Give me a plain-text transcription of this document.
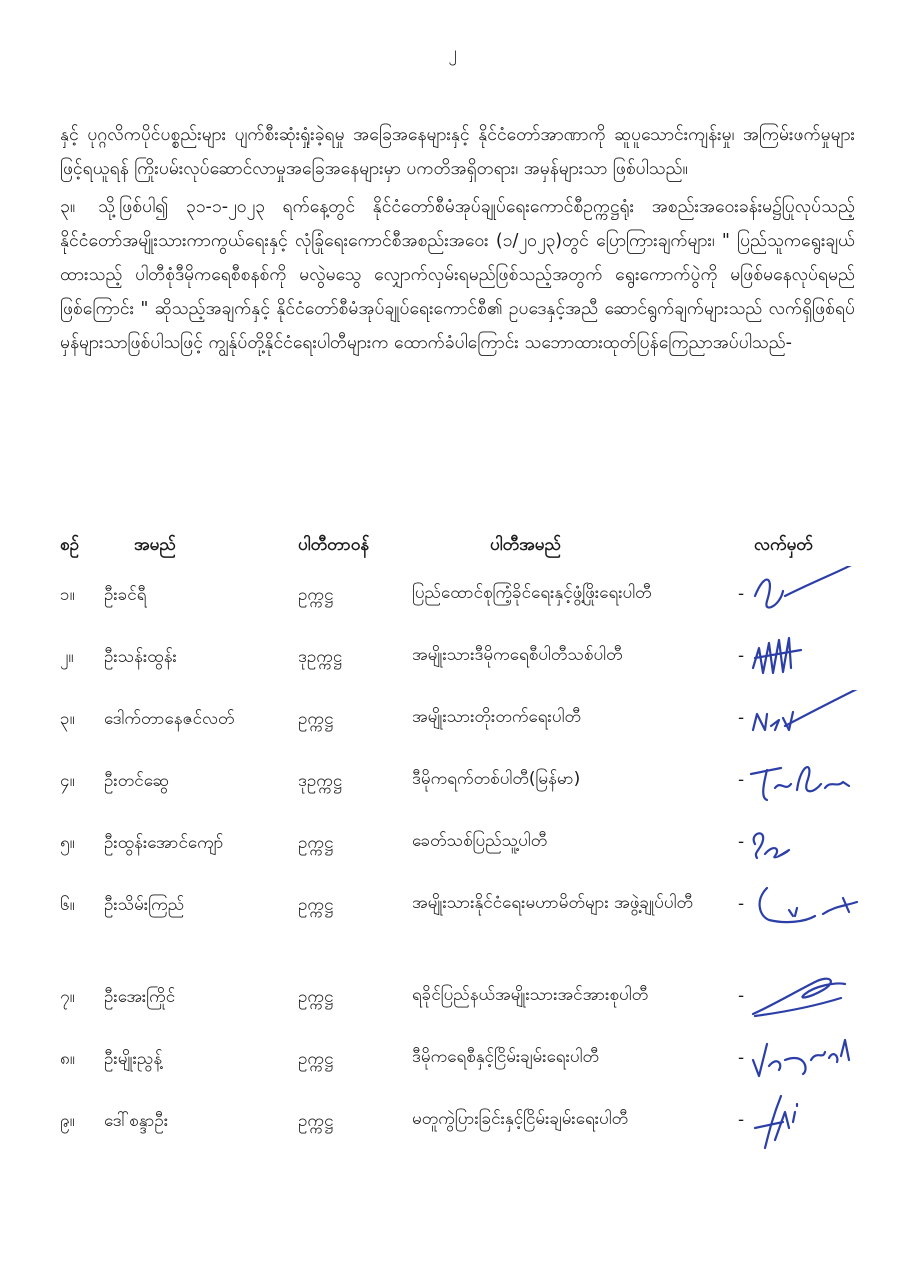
၂

နှင့် ပုဂ္ဂလိကပိုင်ပစ္စည်းများ ပျက်စီးဆုံးရှုံးခဲ့ရမှု အခြေအနေများနှင့် နိုင်ငံတော်အာဏာကို ဆူပူသောင်းကျန်းမှု၊ အကြမ်းဖက်မှုများ ဖြင့်ရယူရန် ကြိုးပမ်းလုပ်ဆောင်လာမှုအခြေအနေများမှာ ပကတိအရှိတရား၊ အမှန်များသာ ဖြစ်ပါသည်။

၃။ သို့ဖြစ်ပါ၍ ၃၁-၁-၂၀၂၃ ရက်နေ့တွင် နိုင်ငံတော်စီမံအုပ်ချုပ်ရေးကောင်စီဥက္ကဋ္ဌရုံး အစည်းအဝေးခန်းမ၌ပြုလုပ်သည့် နိုင်ငံတော်အမျိုးသားကာကွယ်ရေးနှင့် လုံခြုံရေးကောင်စီအစည်းအဝေး (၁/၂၀၂၃)တွင် ပြောကြားချက်များ၊ " ပြည်သူကရွေးချယ်ထားသည့် ပါတီစုံဒီမိုကရေစီစနစ်ကို မလွဲမသွေ လျှောက်လှမ်းရမည်ဖြစ်သည့်အတွက် ရွေးကောက်ပွဲကို မဖြစ်မနေလုပ်ရမည်ဖြစ်ကြောင်း " ဆိုသည့်အချက်နှင့် နိုင်ငံတော်စီမံအုပ်ချုပ်ရေးကောင်စီ၏ ဥပဒေနှင့်အညီ ဆောင်ရွက်ချက်များသည် လက်ရှိဖြစ်ရပ်မှန်များသာဖြစ်ပါသဖြင့် ကျွန်ုပ်တို့နိုင်ငံရေးပါတီများက ထောက်ခံပါကြောင်း သဘောထားထုတ်ပြန်ကြေညာအပ်ပါသည်-

စဉ်	အမည်	ပါတီတာဝန်	ပါတီအမည်	လက်မှတ်
၁။	ဦးခင်ရီ	ဥက္ကဋ္ဌ	ပြည်ထောင်စုကြံ့ခိုင်ရေးနှင့်ဖွံ့ဖြိုးရေးပါတီ	-
၂။	ဦးသန်းထွန်း	ဒုဥက္ကဋ္ဌ	အမျိုးသားဒီမိုကရေစီပါတီသစ်ပါတီ	-
၃။	ဒေါက်တာနေဇင်လတ်	ဥက္ကဋ္ဌ	အမျိုးသားတိုးတက်ရေးပါတီ	-
၄။	ဦးတင်ဆွေ	ဒုဥက္ကဋ္ဌ	ဒီမိုကရက်တစ်ပါတီ(မြန်မာ)	-
၅။	ဦးထွန်းအောင်ကျော်	ဥက္ကဋ္ဌ	ခေတ်သစ်ပြည်သူ့ပါတီ	-
၆။	ဦးသိမ်းကြည်	ဥက္ကဋ္ဌ	အမျိုးသားနိုင်ငံရေးမဟာမိတ်များ အဖွဲ့ချုပ်ပါတီ	-
၇။	ဦးအေးကြိုင်	ဥက္ကဋ္ဌ	ရခိုင်ပြည်နယ်အမျိုးသားအင်အားစုပါတီ	-
၈။	ဦးမျိုးညွန့်	ဥက္ကဋ္ဌ	ဒီမိုကရေစီနှင့်ငြိမ်းချမ်းရေးပါတီ	-
၉။	ဒေါ်စန္ဒာဦး	ဥက္ကဋ္ဌ	မတူကွဲပြားခြင်းနှင့်ငြိမ်းချမ်းရေးပါတီ	-
